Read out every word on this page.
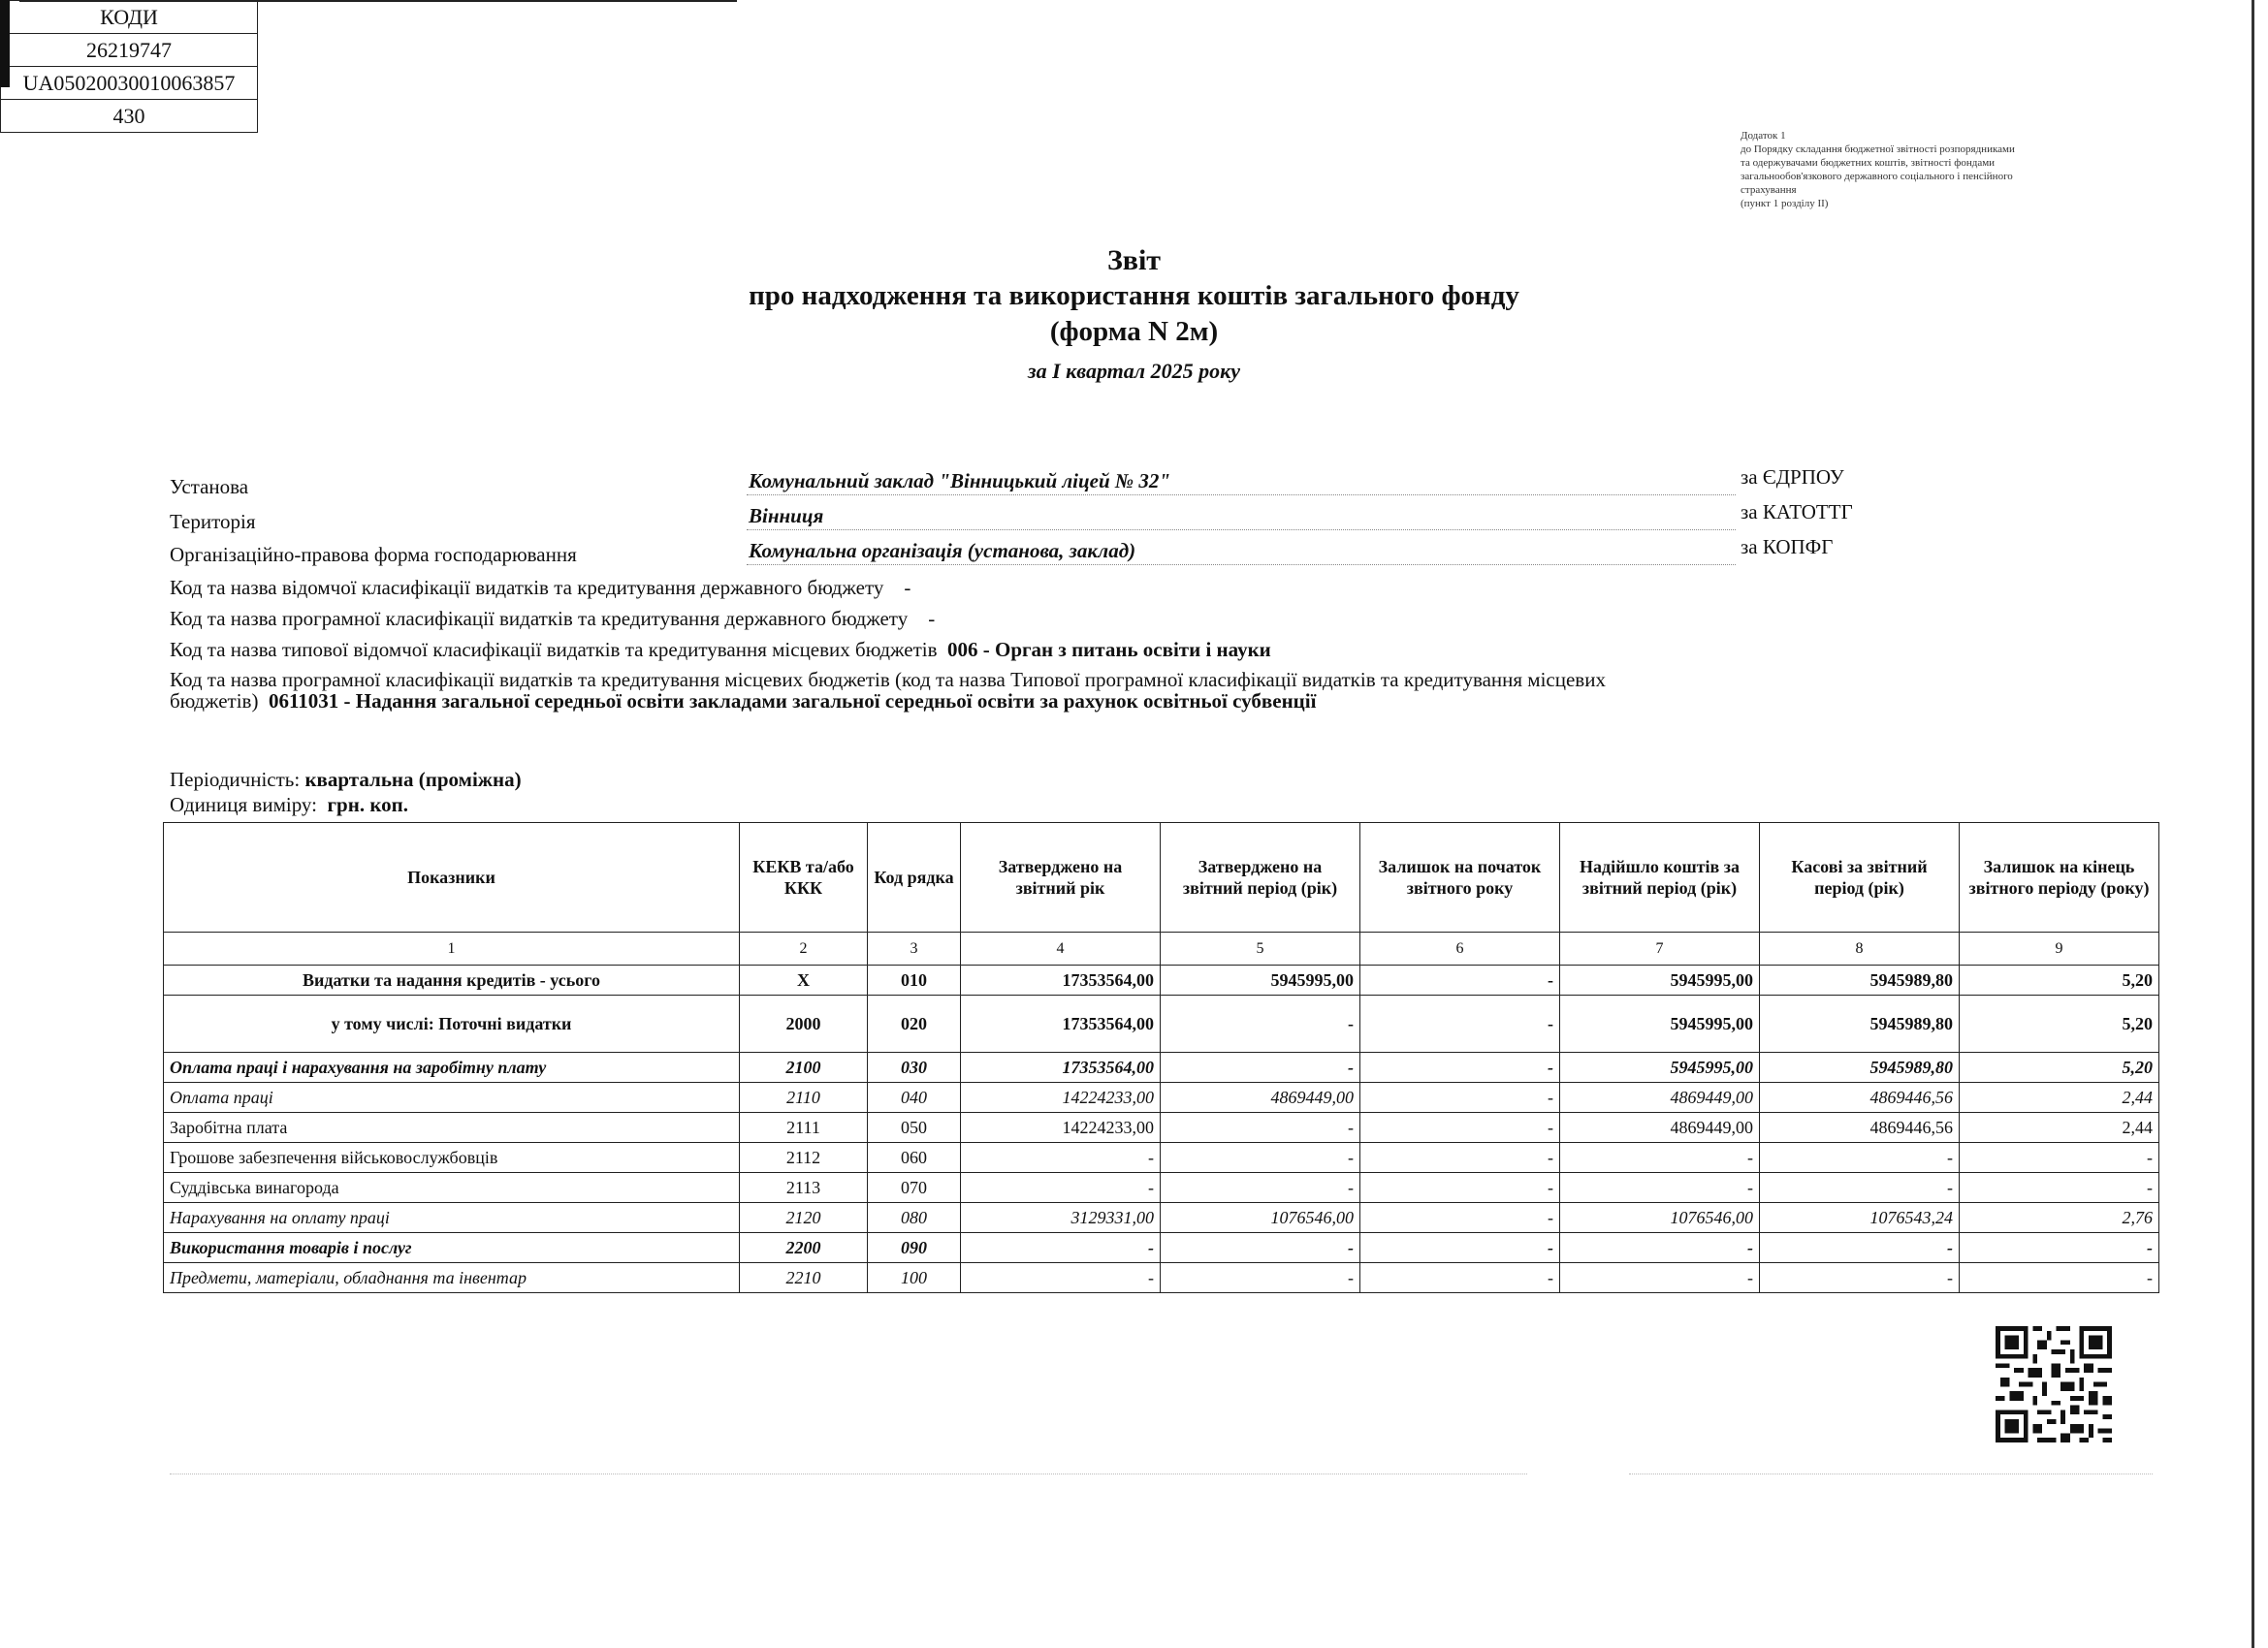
Додаток 1
до Порядку складання бюджетної звітності розпорядниками
та одержувачами бюджетних коштів, звітності фондами
загальнообов'язкового державного соціального і пенсійного
страхування
(пункт 1 розділу II)
Звіт
про надходження та використання коштів загального фонду
(форма N 2м)
за I квартал 2025 року
КОДИ
26219747
UA05020030010063857
430
за ЄДРПОУ
за КАТОТТГ
за КОПФГ
Установа	Комунальний заклад "Вінницький ліцей № 32"
Територія	Вінниця
Організаційно-правова форма господарювання	Комунальна організація (установа, заклад)
Код та назва відомчої класифікації видатків та кредитування державного бюджету -
Код та назва програмної класифікації видатків та кредитування державного бюджету -
Код та назва типової відомчої класифікації видатків та кредитування місцевих бюджетів 006 - Орган з питань освіти і науки
Код та назва програмної класифікації видатків та кредитування місцевих бюджетів (код та назва Типової програмної класифікації видатків та кредитування місцевих бюджетів) 0611031 - Надання загальної середньої освіти закладами загальної середньої освіти за рахунок освітньої субвенції
Періодичність: квартальна (проміжна)
Одиниця виміру: грн. коп.
Показники	КЕКВ та/або ККК	Код рядка	Затверджено на звітний рік	Затверджено на звітний період (рік)	Залишок на початок звітного року	Надійшло коштів за звітний період (рік)	Касові за звітний період (рік)	Залишок на кінець звітного періоду (року)
1	2	3	4	5	6	7	8	9
Видатки та надання кредитів - усього	X	010	17353564,00	5945995,00	-	5945995,00	5945989,80	5,20
у тому числі: Поточні видатки	2000	020	17353564,00	-	-	5945995,00	5945989,80	5,20
Оплата праці і нарахування на заробітну плату	2100	030	17353564,00	-	-	5945995,00	5945989,80	5,20
Оплата праці	2110	040	14224233,00	4869449,00	-	4869449,00	4869446,56	2,44
Заробітна плата	2111	050	14224233,00	-	-	4869449,00	4869446,56	2,44
Грошове забезпечення військовослужбовців	2112	060	-	-	-	-	-	-
Суддівська винагорода	2113	070	-	-	-	-	-	-
Нарахування на оплату праці	2120	080	3129331,00	1076546,00	-	1076546,00	1076543,24	2,76
Використання товарів і послуг	2200	090	-	-	-	-	-	-
Предмети, матеріали, обладнання та інвентар	2210	100	-	-	-	-	-	-
